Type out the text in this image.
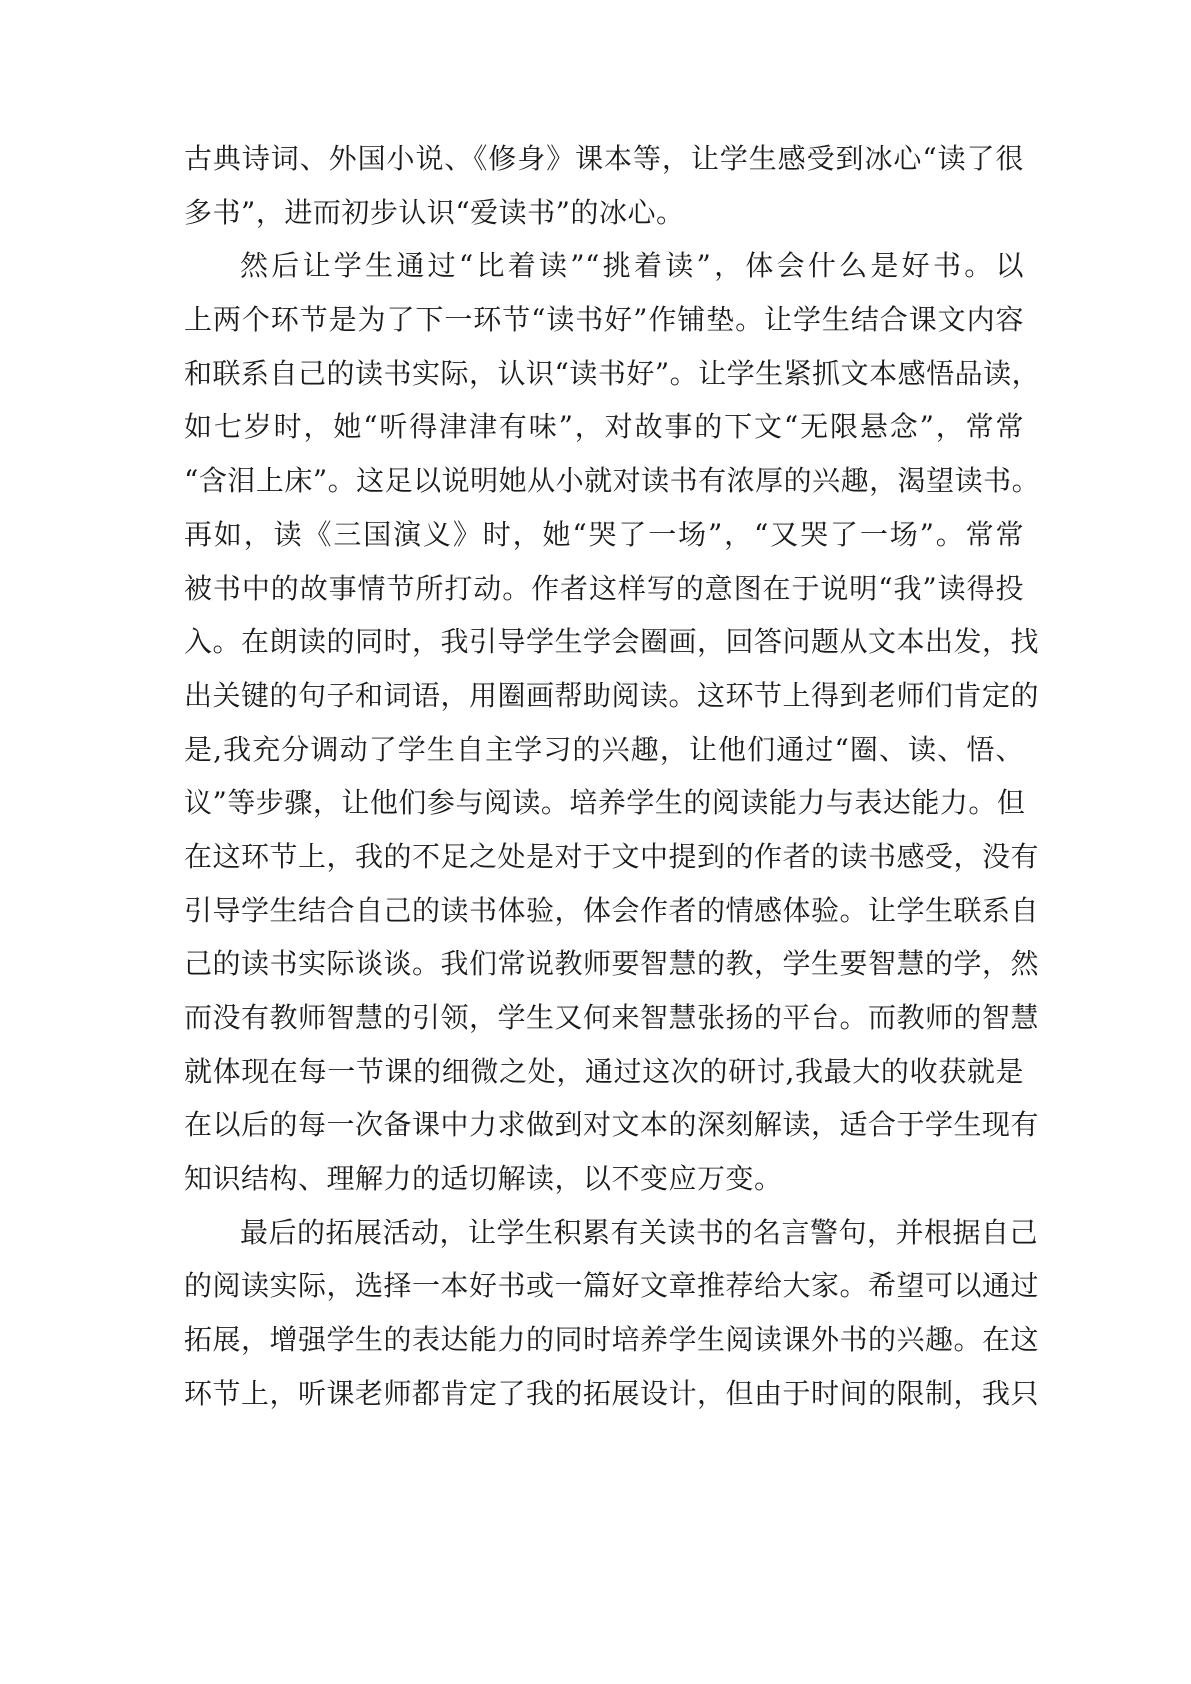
古典诗词、外国小说、《修身》课本等，让学生感受到冰心“读了很
多书”，进而初步认识“爱读书”的冰心。
然后让学生通过“比着读”“挑着读”，体会什么是好书。以
上两个环节是为了下一环节“读书好”作铺垫。让学生结合课文内容
和联系自己的读书实际，认识“读书好”。让学生紧抓文本感悟品读，
如七岁时，她“听得津津有味”，对故事的下文“无限悬念”，常常
“含泪上床”。这足以说明她从小就对读书有浓厚的兴趣，渴望读书。
再如，读《三国演义》时，她“哭了一场”，“又哭了一场”。常常
被书中的故事情节所打动。作者这样写的意图在于说明“我”读得投
入。在朗读的同时，我引导学生学会圈画，回答问题从文本出发，找
出关键的句子和词语，用圈画帮助阅读。这环节上得到老师们肯定的
是,我充分调动了学生自主学习的兴趣，让他们通过“圈、读、悟、
议”等步骤，让他们参与阅读。培养学生的阅读能力与表达能力。但
在这环节上，我的不足之处是对于文中提到的作者的读书感受，没有
引导学生结合自己的读书体验，体会作者的情感体验。让学生联系自
己的读书实际谈谈。我们常说教师要智慧的教，学生要智慧的学，然
而没有教师智慧的引领，学生又何来智慧张扬的平台。而教师的智慧
就体现在每一节课的细微之处，通过这次的研讨,我最大的收获就是
在以后的每一次备课中力求做到对文本的深刻解读，适合于学生现有
知识结构、理解力的适切解读，以不变应万变。
最后的拓展活动，让学生积累有关读书的名言警句，并根据自己
的阅读实际，选择一本好书或一篇好文章推荐给大家。希望可以通过
拓展，增强学生的表达能力的同时培养学生阅读课外书的兴趣。在这
环节上，听课老师都肯定了我的拓展设计，但由于时间的限制，我只
